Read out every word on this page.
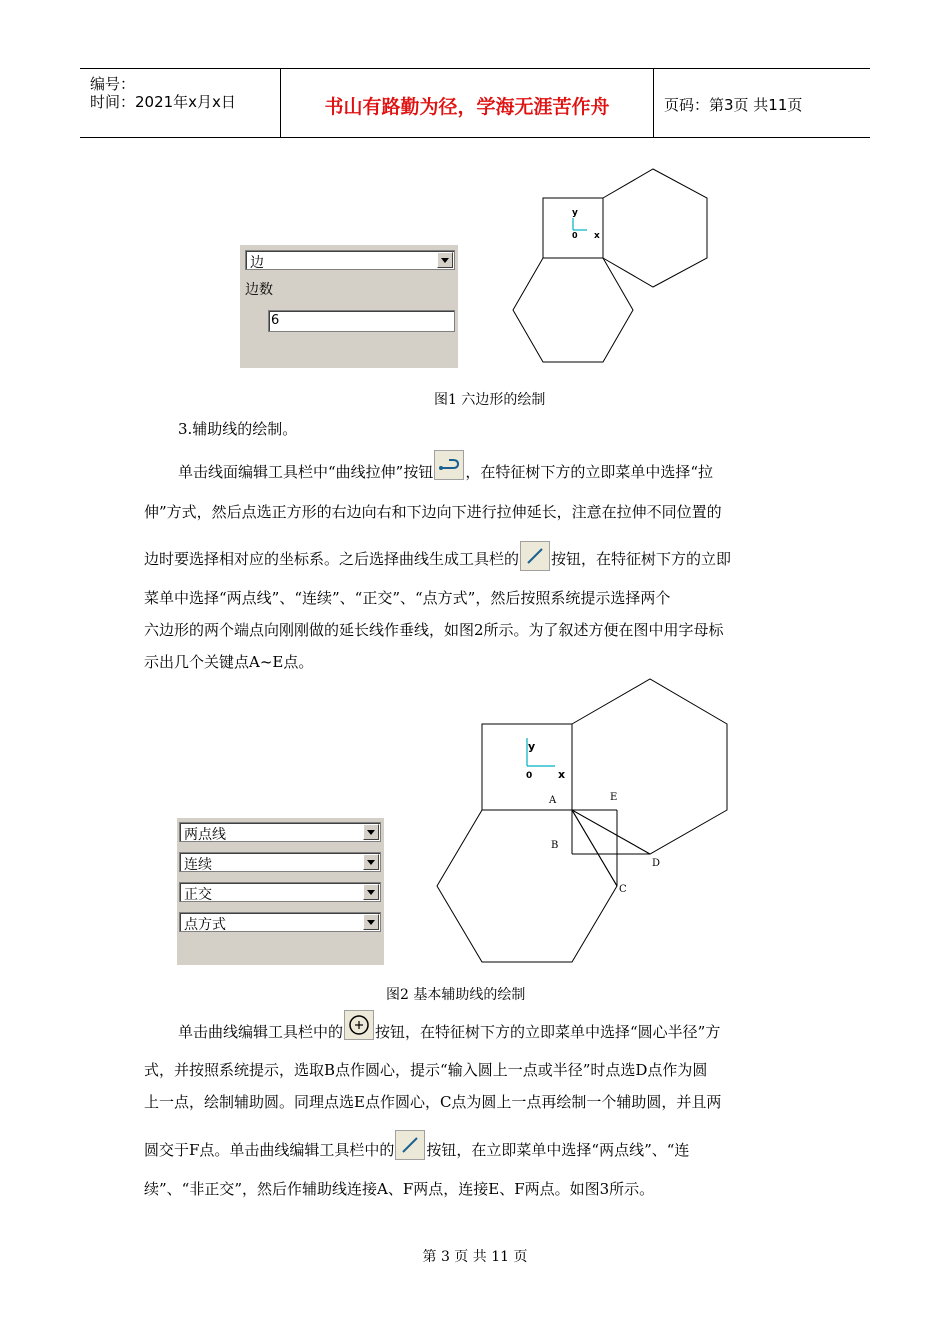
编号：
时间：2021年x月x日	书山有路勤为径，学海无涯苦作舟	页码：第3页 共11页
边
边数
6
y
0 x
图1 六边形的绘制
3.辅助线的绘制。
单击线面编辑工具栏中“曲线拉伸”按钮 ，在特征树下方的立即菜单中选择“拉
伸”方式，然后点选正方形的右边向右和下边向下进行拉伸延长，注意在拉伸不同位置的
边时要选择相对应的坐标系。之后选择曲线生成工具栏的 按钮，在特征树下方的立即
菜单中选择“两点线”、“连续”、“正交”、“点方式”，然后按照系统提示选择两个
六边形的两个端点向刚刚做的延长线作垂线，如图2所示。为了叙述方便在图中用字母标
示出几个关键点A~E点。
两点线
连续
正交
点方式
y
0 x
A
B
C
D
E
图2 基本辅助线的绘制
单击曲线编辑工具栏中的 按钮，在特征树下方的立即菜单中选择“圆心半径”方
式，并按照系统提示，选取B点作圆心，提示“输入圆上一点或半径”时点选D点作为圆
上一点，绘制辅助圆。同理点选E点作圆心，C点为圆上一点再绘制一个辅助圆，并且两
圆交于F点。单击曲线编辑工具栏中的 按钮，在立即菜单中选择“两点线”、“连
续”、“非正交”，然后作辅助线连接A、F两点，连接E、F两点。如图3所示。
第 3 页 共 11 页
